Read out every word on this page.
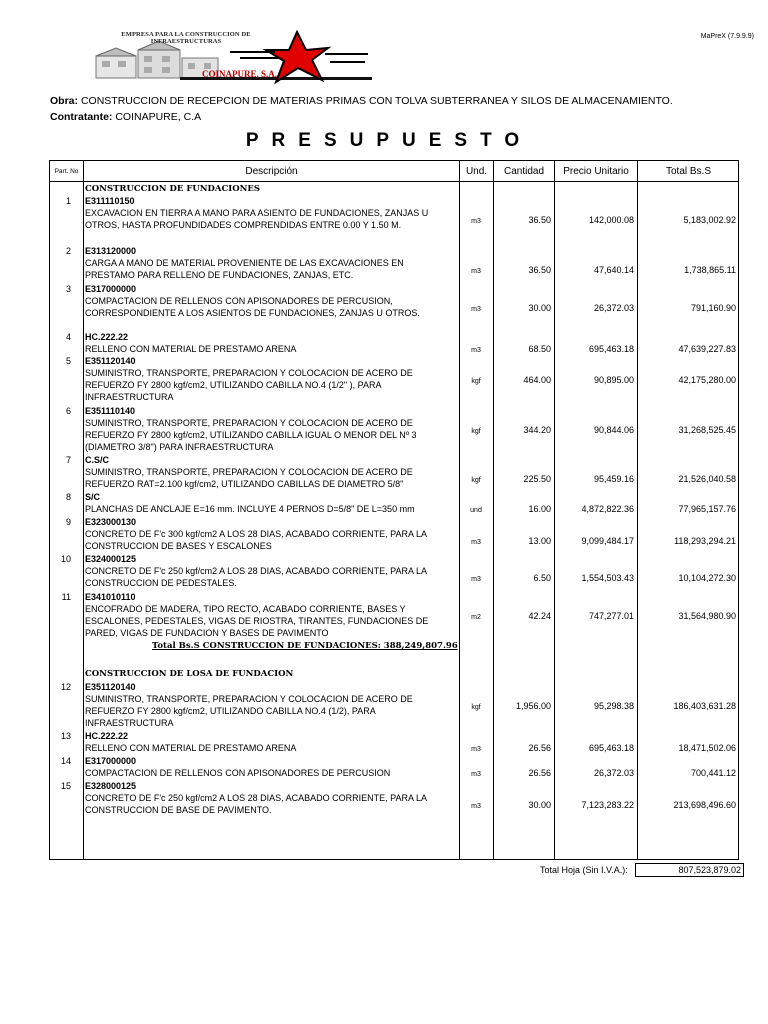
MaPreX (7.9.9.9)
EMPRESA PARA LA CONSTRUCCION DE INFRAESTRUCTURAS
COINAPURE, S.A.
Obra: CONSTRUCCION DE RECEPCION DE MATERIAS PRIMAS CON TOLVA SUBTERRANEA Y SILOS DE ALMACENAMIENTO.
Contratante: COINAPURE, C.A
PRESUPUESTO
Part. No	Descripción	Und.	Cantidad	Precio Unitario	Total Bs.S
CONSTRUCCION DE FUNDACIONES
Total Bs.S CONSTRUCCION DE FUNDACIONES: 388,249,807.96
CONSTRUCCION DE LOSA DE FUNDACION
1 E311110150
EXCAVACION EN TIERRA A MANO PARA ASIENTO DE FUNDACIONES, ZANJAS U
OTROS, HASTA PROFUNDIDADES COMPRENDIDAS ENTRE 0.00 Y 1.50 M.	m3	36.50	142,000.08	5,183,002.92
2 E313120000
CARGA A MANO DE MATERIAL PROVENIENTE DE LAS EXCAVACIONES EN
PRESTAMO PARA RELLENO DE FUNDACIONES, ZANJAS, ETC.	m3	36.50	47,640.14	1,738,865.11
3 E317000000
COMPACTACION DE RELLENOS CON APISONADORES DE PERCUSION,
CORRESPONDIENTE A LOS ASIENTOS DE FUNDACIONES, ZANJAS U OTROS.	m3	30.00	26,372.03	791,160.90
4 HC.222.22
RELLENO CON MATERIAL DE PRESTAMO ARENA	m3	68.50	695,463.18	47,639,227.83
5 E351120140
SUMINISTRO, TRANSPORTE, PREPARACION Y COLOCACION DE ACERO DE
REFUERZO FY 2800 kgf/cm2, UTILIZANDO CABILLA NO.4 (1/2" ), PARA
INFRAESTRUCTURA
kgf	464.00	90,895.00	42,175,280.00
6 E351110140
SUMINISTRO, TRANSPORTE, PREPARACION Y COLOCACION DE ACERO DE
REFUERZO FY 2800 kgf/cm2, UTILIZANDO CABILLA IGUAL O MENOR DEL Nº 3
(DIAMETRO 3/8") PARA INFRAESTRUCTURA
kgf	344.20	90,844.06	31,268,525.45
7 C.S/C
SUMINISTRO, TRANSPORTE, PREPARACION Y COLOCACION DE ACERO DE
REFUERZO RAT=2.100 kgf/cm2, UTILIZANDO CABILLAS DE DIAMETRO 5/8"	kgf	225.50	95,459.16	21,526,040.58
8 S/C
PLANCHAS DE ANCLAJE E=16 mm. INCLUYE 4 PERNOS D=5/8" DE L=350 mm	und	16.00	4,872,822.36	77,965,157.76
9 E323000130
CONCRETO DE F'c 300 kgf/cm2 A LOS 28 DIAS, ACABADO CORRIENTE, PARA LA
CONSTRUCCION DE BASES Y ESCALONES	m3	13.00	9,099,484.17	118,293,294.21
10 E324000125
CONCRETO DE F'c 250 kgf/cm2 A LOS 28 DIAS, ACABADO CORRIENTE, PARA LA
CONSTRUCCION DE PEDESTALES.	m3	6.50	1,554,503.43	10,104,272.30
11 E341010110
ENCOFRADO DE MADERA, TIPO RECTO, ACABADO CORRIENTE, BASES Y
ESCALONES, PEDESTALES, VIGAS DE RIOSTRA, TIRANTES, FUNDACIONES DE
PARED, VIGAS DE FUNDACION Y BASES DE PAVIMENTO
m2	42.24	747,277.01	31,564,980.90
12 E351120140
SUMINISTRO, TRANSPORTE, PREPARACION Y COLOCACION DE ACERO DE
REFUERZO FY 2800 kgf/cm2, UTILIZANDO CABILLA NO.4 (1/2), PARA
INFRAESTRUCTURA
kgf	1,956.00	95,298.38	186,403,631.28
13 HC.222.22
RELLENO CON MATERIAL DE PRESTAMO ARENA	m3	26.56	695,463.18	18,471,502.06
14 E317000000
COMPACTACION DE RELLENOS CON APISONADORES DE PERCUSION	m3	26.56	26,372.03	700,441.12
15 E328000125
CONCRETO DE F'c 250 kgf/cm2 A LOS 28 DIAS, ACABADO CORRIENTE, PARA LA
CONSTRUCCION DE BASE DE PAVIMENTO.	m3	30.00	7,123,283.22	213,698,496.60
Total Hoja (Sin I.V.A.):	807,523,879.02
